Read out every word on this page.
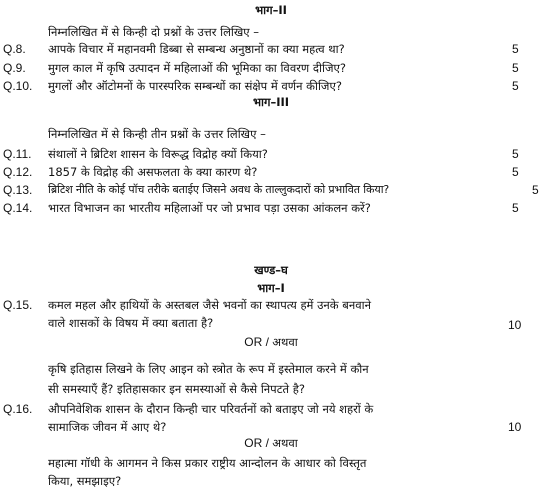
भाग–II
निम्नलिखित में से किन्ही दो प्रश्नों के उत्तर लिखिए –
Q.8. आपके विचार में महानवमी डिब्बा से सम्बन्ध अनुष्ठानों का क्या महत्व था?	5
Q.9. मुगल काल में कृषि उत्पादन में महिलाओं की भूमिका का विवरण दीजिए?	5
Q.10. मुगलों और ऑटोमनों के पारस्परिक सम्बन्धों का संक्षेप में वर्णन कीजिए?	5
भाग–III
निम्नलिखित में से किन्ही तीन प्रश्नों के उत्तर लिखिए –
Q.11. संथालों ने ब्रिटिश शासन के विरूद्ध विद्रोह क्यों किया?	5
Q.12. 1857 के विद्रोह की असफलता के क्या कारण थे?	5
Q.13. ब्रिटिश नीति के कोई पॉच तरीके बताईए जिसने अवध के ताल्लुकदारों को प्रभावित किया?	5
Q.14. भारत विभाजन का भारतीय महिलाओं पर जो प्रभाव पड़ा उसका आंकलन करें?	5
खण्ड–घ
भाग–I
Q.15. कमल महल और हाथियों के अस्तबल जैसे भवनों का स्थापत्य हमें उनके बनवाने
वाले शासकों के विषय में क्या बताता है?	10
OR / अथवा
कृषि इतिहास लिखने के लिए आइन को स्त्रोत के रूप में इस्तेमाल करने में कौन
सी समस्याएँ हैं? इतिहासकार इन समस्याओं से कैसे निपटते है?
Q.16. औपनिवेशिक शासन के दौरान किन्ही चार परिवर्तनों को बताइए जो नये शहरों के
सामाजिक जीवन में आए थे?	10
OR / अथवा
महात्मा गॉधी के आगमन ने किस प्रकार राष्ट्रीय आन्दोलन के आधार को विस्तृत
किया, समझाइए?
